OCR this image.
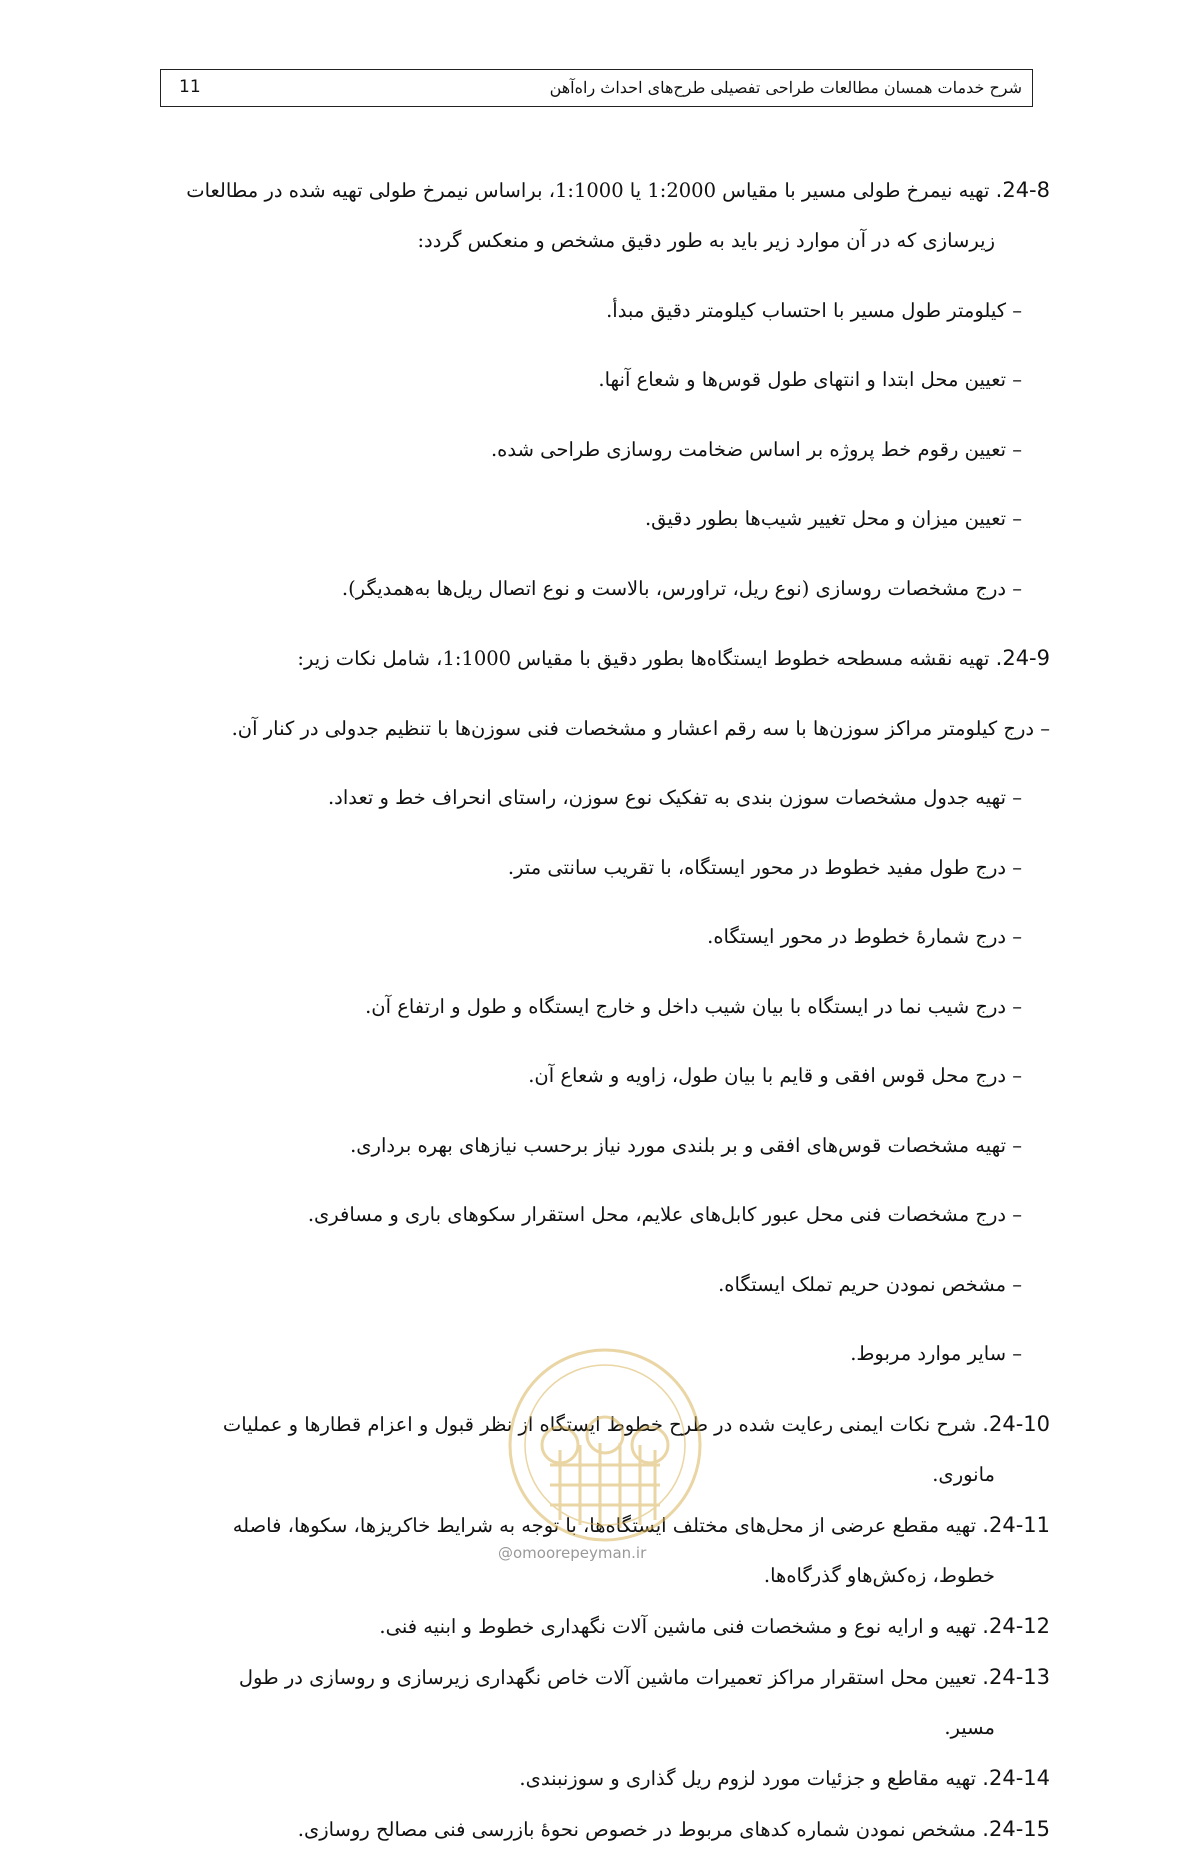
11	شرح خدمات همسان مطالعات طراحی تفصیلی طرح‌های احداث راه‌آهن

24-8. تهیه نیمرخ طولی مسیر با مقیاس 1:2000 یا 1:1000، براساس نیمرخ طولی تهیه شده در مطالعات

زیرسازی که در آن موارد زیر باید به طور دقیق مشخص و منعکس گردد:

– کیلومتر طول مسیر با احتساب کیلومتر دقیق مبدأ.

– تعیین محل ابتدا و انتهای طول قوس‌ها و شعاع آنها.

– تعیین رقوم خط پروژه بر اساس ضخامت روسازی طراحی شده.

– تعیین میزان و محل تغییر شیب‌ها بطور دقیق.

– درج مشخصات روسازی (نوع ریل، تراورس، بالاست و نوع اتصال ریل‌ها به‌همدیگر).

24-9. تهیه نقشه مسطحه خطوط ایستگاه‌ها بطور دقیق با مقیاس 1:1000، شامل نکات زیر:

– درج کیلومتر مراکز سوزن‌ها با سه رقم اعشار و مشخصات فنی سوزن‌ها با تنظیم جدولی در کنار آن.

– تهیه جدول مشخصات سوزن بندی به تفکیک نوع سوزن، راستای انحراف خط و تعداد.

– درج طول مفید خطوط در محور ایستگاه، با تقریب سانتی متر.

– درج شمارهٔ خطوط در محور ایستگاه.

– درج شیب نما در ایستگاه با بیان شیب داخل و خارج ایستگاه و طول و ارتفاع آن.

– درج محل قوس افقی و قایم با بیان طول، زاویه و شعاع آن.

– تهیه مشخصات قوس‌های افقی و بر بلندی مورد نیاز برحسب نیازهای بهره برداری.

– درج مشخصات فنی محل عبور کابل‌های علایم، محل استقرار سکوهای باری و مسافری.

– مشخص نمودن حریم تملک ایستگاه.

– سایر موارد مربوط.

24-10. شرح نکات ایمنی رعایت شده در طرح خطوط ایستگاه از نظر قبول و اعزام قطارها و عملیات

مانوری.

24-11. تهیه مقطع عرضی از محل‌های مختلف ایستگاه‌ها، با توجه به شرایط خاکریزها، سکوها، فاصله

خطوط، زه‌کش‌هاو گذرگاه‌ها.

24-12. تهیه و ارایه نوع و مشخصات فنی ماشین آلات نگهداری خطوط و ابنیه فنی.

24-13. تعیین محل استقرار مراکز تعمیرات ماشین آلات خاص نگهداری زیرسازی و روسازی در طول

مسیر.

24-14. تهیه مقاطع و جزئیات مورد لزوم ریل گذاری و سوزنبندی.

24-15. مشخص نمودن شماره کدهای مربوط در خصوص نحوهٔ بازرسی فنی مصالح روسازی.

@omoorepeyman.ir
